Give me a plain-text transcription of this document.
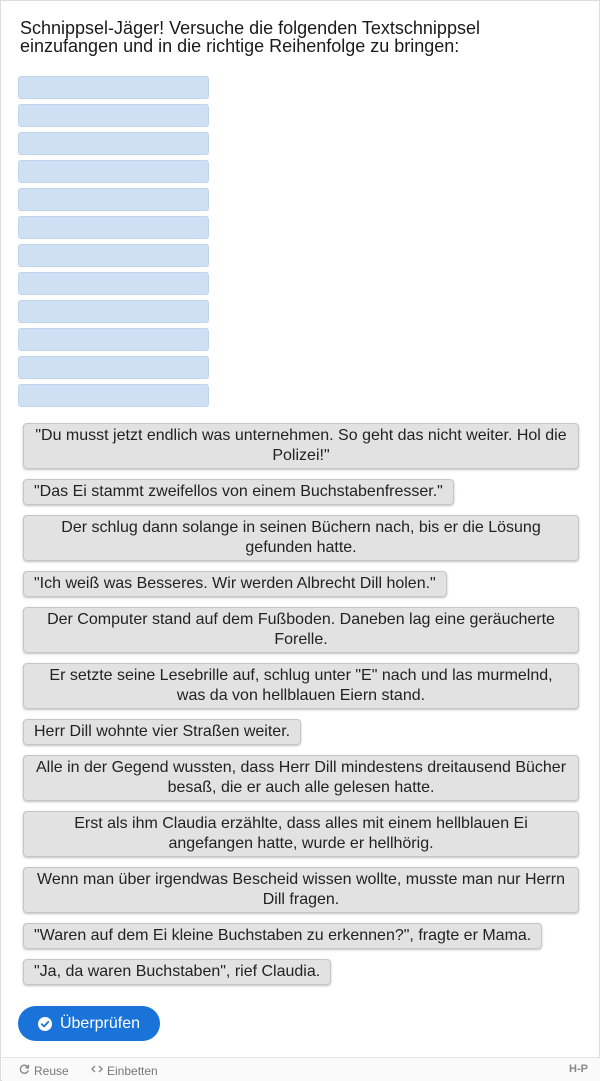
Schnippsel-Jäger! Versuche die folgenden Textschnippsel einzufangen und in die richtige Reihenfolge zu bringen:
"Du musst jetzt endlich was unternehmen. So geht das nicht weiter. Hol die Polizei!"
"Das Ei stammt zweifellos von einem Buchstabenfresser."
Der schlug dann solange in seinen Büchern nach, bis er die Lösung gefunden hatte.
"Ich weiß was Besseres. Wir werden Albrecht Dill holen."
Der Computer stand auf dem Fußboden. Daneben lag eine geräucherte Forelle.
Er setzte seine Lesebrille auf, schlug unter "E" nach und las murmelnd, was da von hellblauen Eiern stand.
Herr Dill wohnte vier Straßen weiter.
Alle in der Gegend wussten, dass Herr Dill mindestens dreitausend Bücher besaß, die er auch alle gelesen hatte.
Erst als ihm Claudia erzählte, dass alles mit einem hellblauen Ei angefangen hatte, wurde er hellhörig.
Wenn man über irgendwas Bescheid wissen wollte, musste man nur Herrn Dill fragen.
"Waren auf dem Ei kleine Buchstaben zu erkennen?", fragte er Mama.
"Ja, da waren Buchstaben", rief Claudia.
Überprüfen
Reuse	Einbetten	H-P
